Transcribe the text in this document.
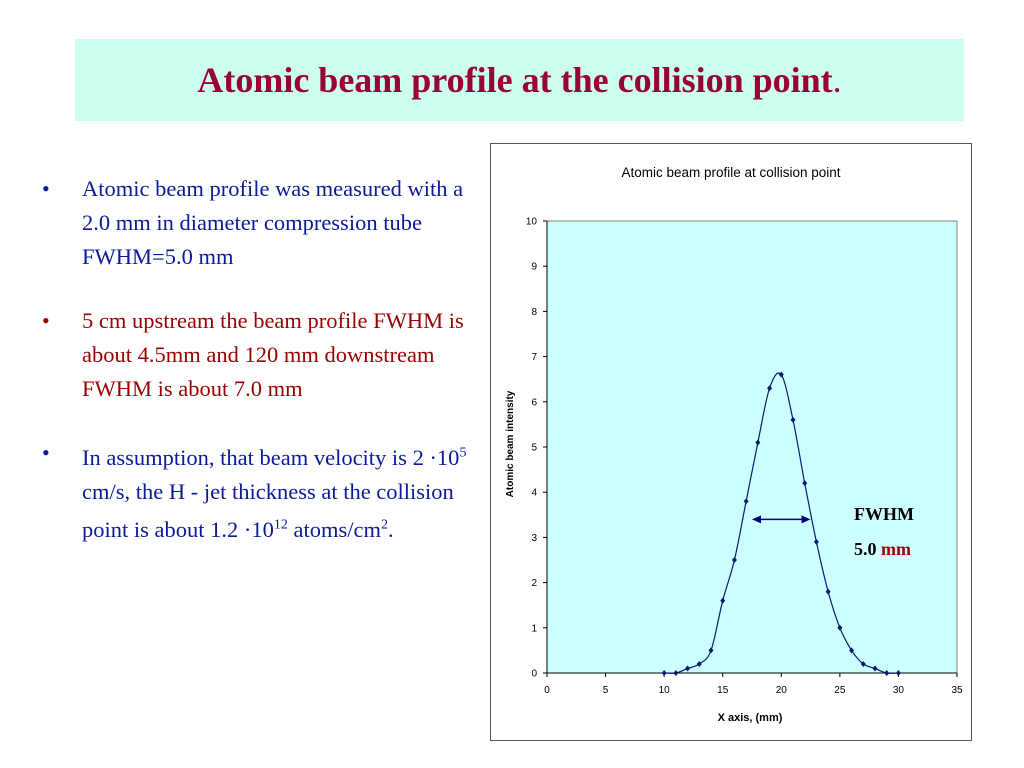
Atomic beam profile at the collision point.
• Atomic beam profile was measured with a 2.0 mm in diameter compression tube FWHM=5.0 mm
• 5 cm upstream the beam profile FWHM is about 4.5mm and 120 mm downstream FWHM is about 7.0 mm
• In assumption, that beam velocity is $2 \cdot 10^5$ cm/s, the H - jet thickness at the collision point is about $1.2 \cdot 10^{12}$ atoms/$cm^2$.
Atomic beam profile at collision point
X axis, (mm)
Atomic beam intensity
0
1
2
3
4
5
6
7
8
9
10
0	5	10	15	20	25	30	35
FWHM
5.0 mm
